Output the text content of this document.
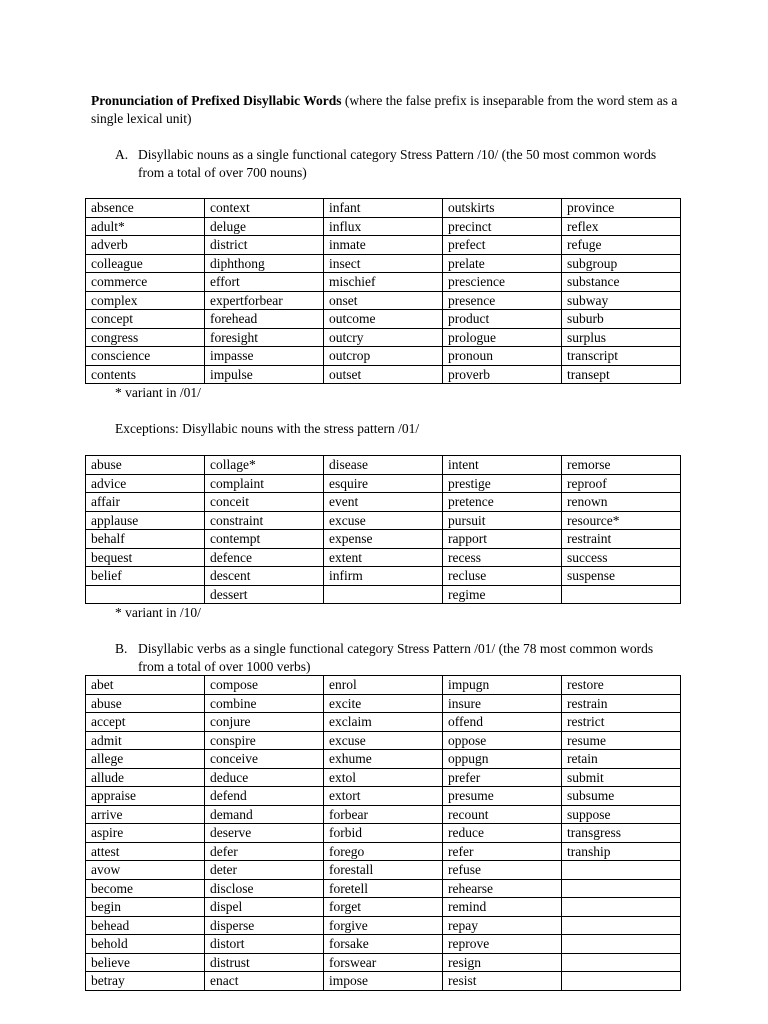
Pronunciation of Prefixed Disyllabic Words (where the false prefix is inseparable from the word stem as a single lexical unit)
A. Disyllabic nouns as a single functional category Stress Pattern /10/ (the 50 most common words from a total of over 700 nouns)
absence	context	infant	outskirts	province
adult*	deluge	influx	precinct	reflex
adverb	district	inmate	prefect	refuge
colleague	diphthong	insect	prelate	subgroup
commerce	effort	mischief	prescience	substance
complex	expertforbear	onset	presence	subway
concept	forehead	outcome	product	suburb
congress	foresight	outcry	prologue	surplus
conscience	impasse	outcrop	pronoun	transcript
contents	impulse	outset	proverb	transept
* variant in /01/
Exceptions: Disyllabic nouns with the stress pattern /01/
abuse	collage*	disease	intent	remorse
advice	complaint	esquire	prestige	reproof
affair	conceit	event	pretence	renown
applause	constraint	excuse	pursuit	resource*
behalf	contempt	expense	rapport	restraint
bequest	defence	extent	recess	success
belief	descent	infirm	recluse	suspense
	dessert		regime	
* variant in /10/
B. Disyllabic verbs as a single functional category Stress Pattern /01/ (the 78 most common words from a total of over 1000 verbs)
abet	compose	enrol	impugn	restore
abuse	combine	excite	insure	restrain
accept	conjure	exclaim	offend	restrict
admit	conspire	excuse	oppose	resume
allege	conceive	exhume	oppugn	retain
allude	deduce	extol	prefer	submit
appraise	defend	extort	presume	subsume
arrive	demand	forbear	recount	suppose
aspire	deserve	forbid	reduce	transgress
attest	defer	forego	refer	tranship
avow	deter	forestall	refuse	
become	disclose	foretell	rehearse	
begin	dispel	forget	remind	
behead	disperse	forgive	repay	
behold	distort	forsake	reprove	
believe	distrust	forswear	resign	
betray	enact	impose	resist	
